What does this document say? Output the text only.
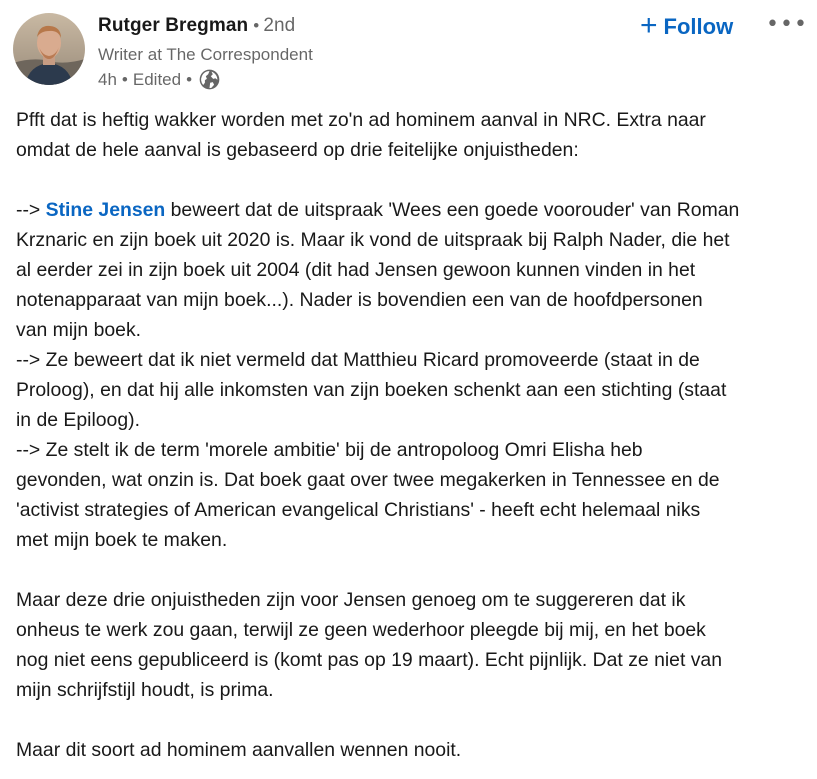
Rutger Bregman • 2nd
Writer at The Correspondent
4h • Edited •
+ Follow •••

Pfft dat is heftig wakker worden met zo'n ad hominem aanval in NRC. Extra naar

omdat de hele aanval is gebaseerd op drie feitelijke onjuistheden:

--> Stine Jensen beweert dat de uitspraak 'Wees een goede voorouder' van Roman

Krznaric en zijn boek uit 2020 is. Maar ik vond de uitspraak bij Ralph Nader, die het

al eerder zei in zijn boek uit 2004 (dit had Jensen gewoon kunnen vinden in het

notenapparaat van mijn boek...). Nader is bovendien een van de hoofdpersonen

van mijn boek.

--> Ze beweert dat ik niet vermeld dat Matthieu Ricard promoveerde (staat in de

Proloog), en dat hij alle inkomsten van zijn boeken schenkt aan een stichting (staat

in de Epiloog).

--> Ze stelt ik de term 'morele ambitie' bij de antropoloog Omri Elisha heb

gevonden, wat onzin is. Dat boek gaat over twee megakerken in Tennessee en de

'activist strategies of American evangelical Christians' - heeft echt helemaal niks

met mijn boek te maken.

Maar deze drie onjuistheden zijn voor Jensen genoeg om te suggereren dat ik

onheus te werk zou gaan, terwijl ze geen wederhoor pleegde bij mij, en het boek

nog niet eens gepubliceerd is (komt pas op 19 maart). Echt pijnlijk. Dat ze niet van

mijn schrijfstijl houdt, is prima.

Maar dit soort ad hominem aanvallen wennen nooit.
